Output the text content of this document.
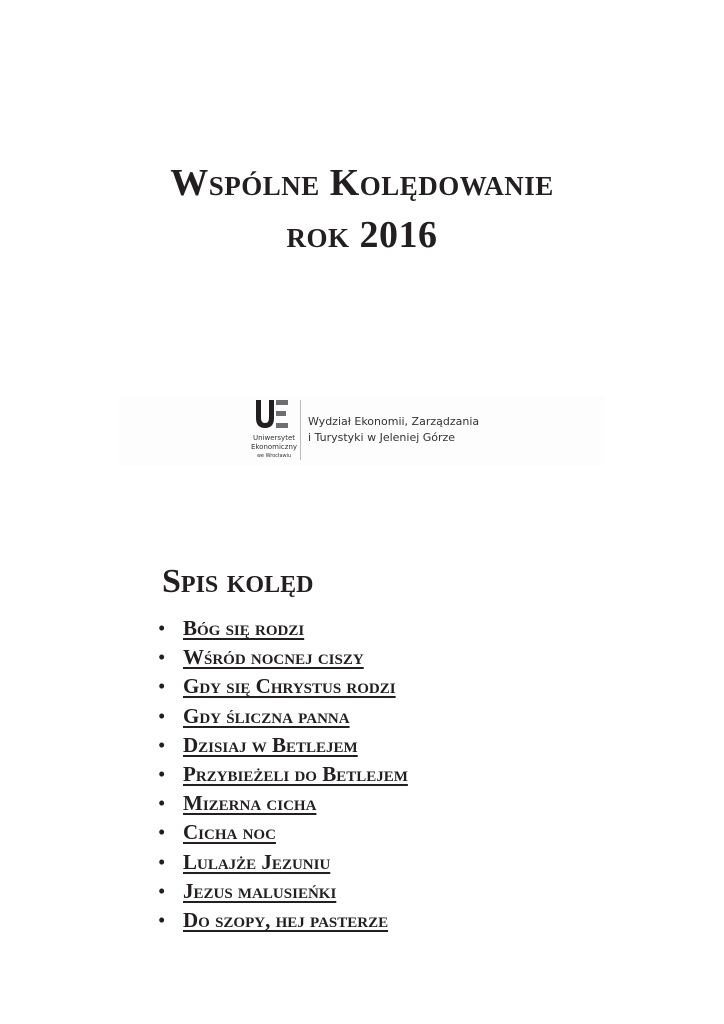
Wspólne Kolędowanie
rok 2016
Uniwersytet
Ekonomiczny
we Wrocławiu
Wydział Ekonomii, Zarządzania
i Turystyki w Jeleniej Górze
Spis kolęd
• Bóg się rodzi
• Wśród nocnej ciszy
• Gdy się Chrystus rodzi
• Gdy śliczna panna
• Dzisiaj w Betlejem
• Przybieżeli do Betlejem
• Mizerna cicha
• Cicha noc
• Lulajże Jezuniu
• Jezus malusieńki
• Do szopy, hej pasterze
